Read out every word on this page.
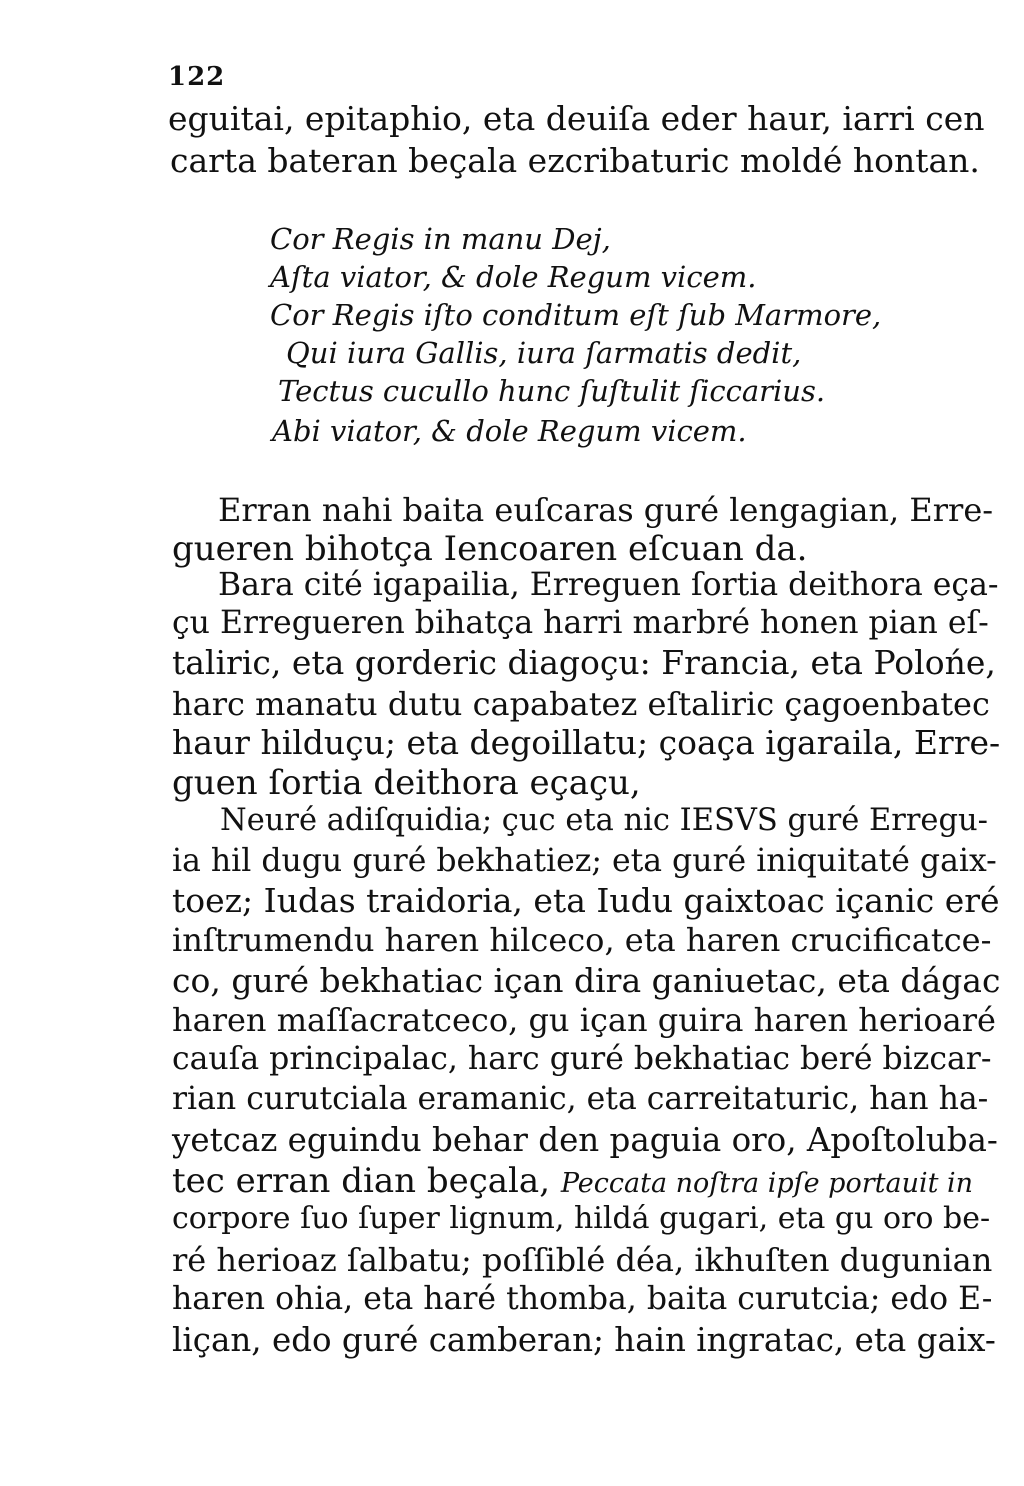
122
eguitai, epitaphio, eta deuiſa eder haur, iarri cen
carta bateran beçala ezcribaturic moldé hontan.
Cor Regis in manu Dej,
Aſta viator, & dole Regum vicem.
Cor Regis iſto conditum eſt ſub Marmore,
Qui iura Gallis, iura ſarmatis dedit,
Tectus cucullo hunc ſuſtulit ſiccarius.
Abi viator, & dole Regum vicem.
Erran nahi baita euſcaras guré lengagian, Erre-
gueren bihotça Iencoaren eſcuan da.
Bara cité igapailia, Erreguen ſortia deithora eça-
çu Erregueren bihatça harri marbré honen pian eſ-
taliric, eta gorderic diagoçu: Francia, eta Polońe,
harc manatu dutu capabatez eſtaliric çagoenbatec
haur hilduçu; eta degoillatu; çoaça igaraila, Erre-
guen ſortia deithora eçaçu,
Neuré adiſquidia; çuc eta nic IESVS guré Erregu-
ia hil dugu guré bekhatiez; eta guré iniquitaté gaix-
toez; Iudas traidoria, eta Iudu gaixtoac içanic eré
inſtrumendu haren hilceco, eta haren crucificatce-
co, guré bekhatiac içan dira ganiuetac, eta dágac
haren maſſacratceco, gu içan guira haren herioaré
cauſa principalac, harc guré bekhatiac beré bizcar-
rian curutciala eramanic, eta carreitaturic, han ha-
yetcaz eguindu behar den paguia oro, Apoſtoluba-
tec erran dian beçala, Peccata noſtra ipſe portauit in
corpore ſuo ſuper lignum, hildá gugari, eta gu oro be-
ré herioaz ſalbatu; poſſiblé déa, ikhuſten dugunian
haren ohia, eta haré thomba, baita curutcia; edo E-
liçan, edo guré camberan; hain ingratac, eta gaix-
